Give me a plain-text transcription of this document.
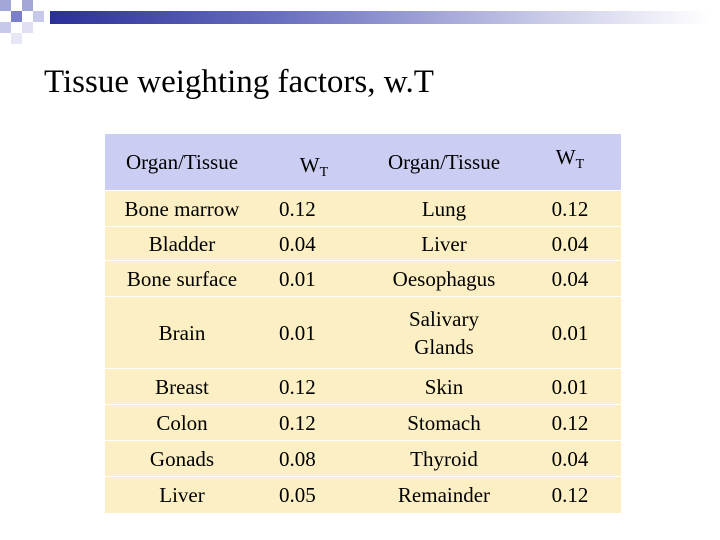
Tissue weighting factors, w.T
Organ/Tissue	$W_T$	Organ/Tissue	$W_T$
Bone marrow	0.12	Lung	0.12
Bladder	0.04	Liver	0.04
Bone surface	0.01	Oesophagus	0.04
Brain	0.01	Salivary Glands	0.01
Breast	0.12	Skin	0.01
Colon	0.12	Stomach	0.12
Gonads	0.08	Thyroid	0.04
Liver	0.05	Remainder	0.12
